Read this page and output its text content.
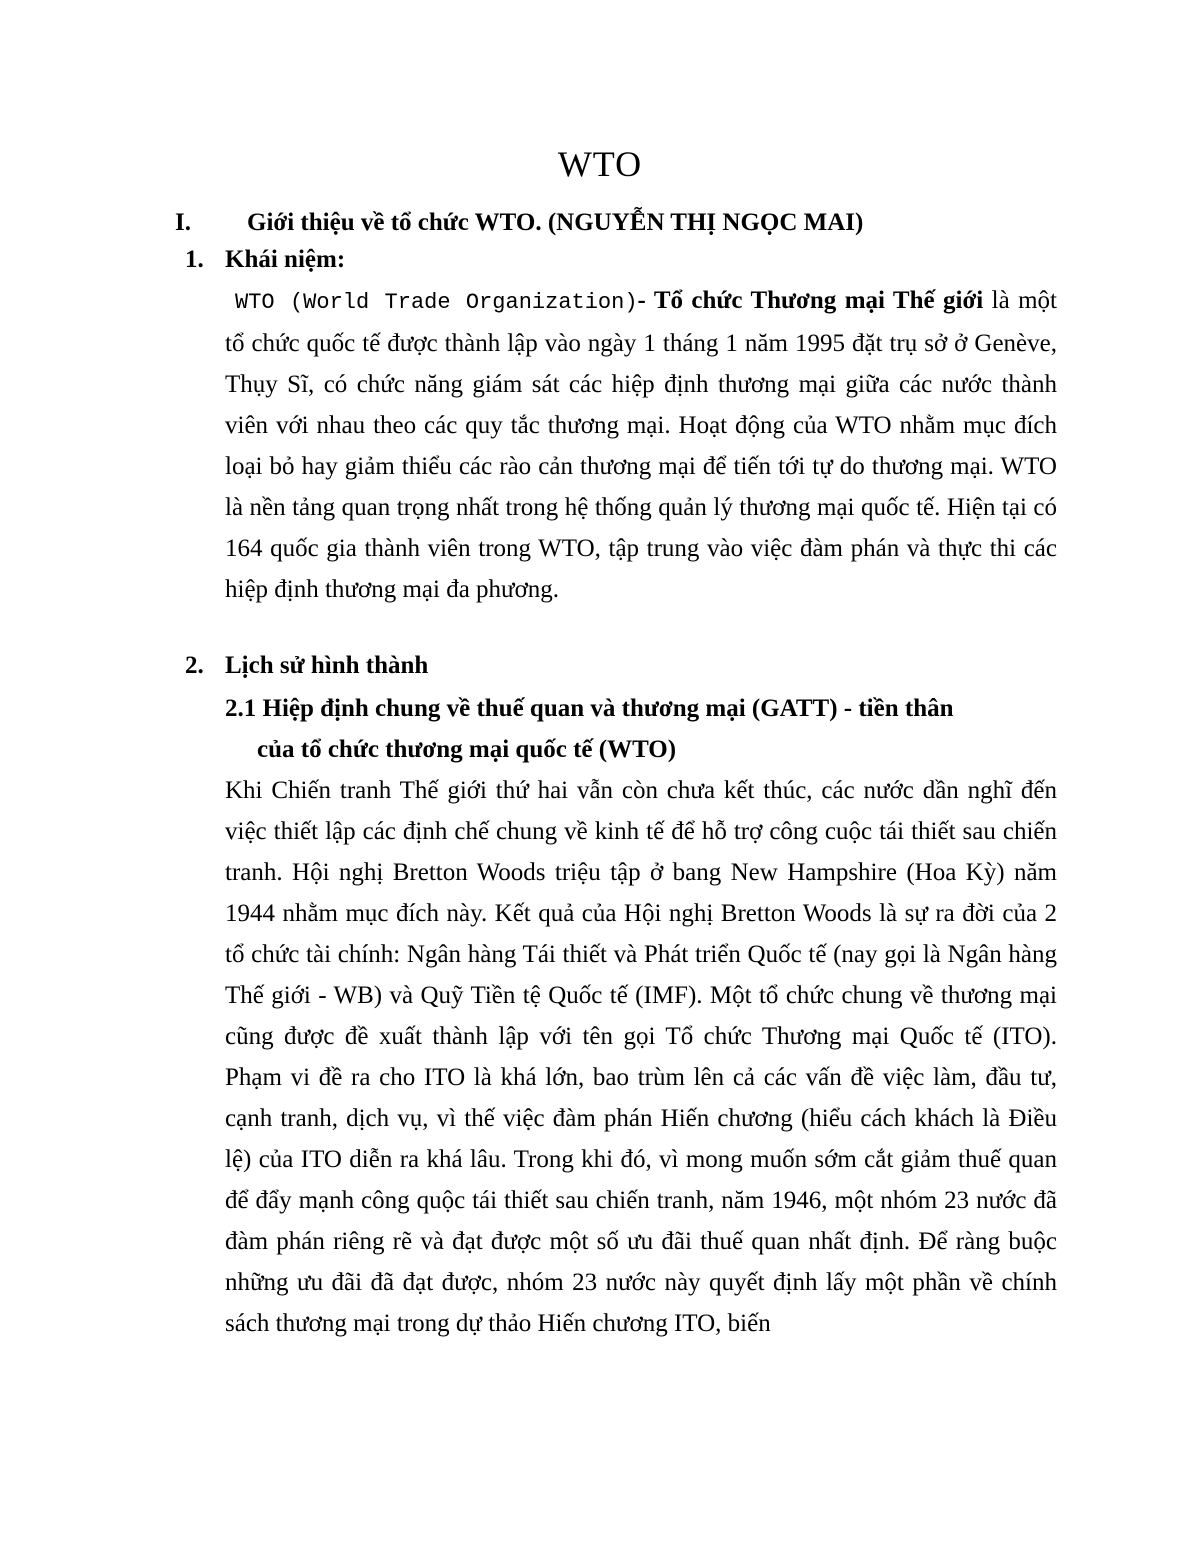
WTO
I. Giới thiệu về tổ chức WTO. (NGUYỄN THỊ NGỌC MAI)
1. Khái niệm:
WTO (World Trade Organization)- Tổ chức Thương mại Thế giới là một tổ chức quốc tế được thành lập vào ngày 1 tháng 1 năm 1995 đặt trụ sở ở Genève, Thụy Sĩ, có chức năng giám sát các hiệp định thương mại giữa các nước thành viên với nhau theo các quy tắc thương mại. Hoạt động của WTO nhằm mục đích loại bỏ hay giảm thiểu các rào cản thương mại để tiến tới tự do thương mại. WTO là nền tảng quan trọng nhất trong hệ thống quản lý thương mại quốc tế. Hiện tại có 164 quốc gia thành viên trong WTO, tập trung vào việc đàm phán và thực thi các hiệp định thương mại đa phương.
2. Lịch sử hình thành
2.1 Hiệp định chung về thuế quan và thương mại (GATT) - tiền thân
của tổ chức thương mại quốc tế (WTO)
Khi Chiến tranh Thế giới thứ hai vẫn còn chưa kết thúc, các nước dần nghĩ đến việc thiết lập các định chế chung về kinh tế để hỗ trợ công cuộc tái thiết sau chiến tranh. Hội nghị Bretton Woods triệu tập ở bang New Hampshire (Hoa Kỳ) năm 1944 nhằm mục đích này. Kết quả của Hội nghị Bretton Woods là sự ra đời của 2 tổ chức tài chính: Ngân hàng Tái thiết và Phát triển Quốc tế (nay gọi là Ngân hàng Thế giới - WB) và Quỹ Tiền tệ Quốc tế (IMF). Một tổ chức chung về thương mại cũng được đề xuất thành lập với tên gọi Tổ chức Thương mại Quốc tế (ITO). Phạm vi đề ra cho ITO là khá lớn, bao trùm lên cả các vấn đề việc làm, đầu tư, cạnh tranh, dịch vụ, vì thế việc đàm phán Hiến chương (hiểu cách khách là Điều lệ) của ITO diễn ra khá lâu. Trong khi đó, vì mong muốn sớm cắt giảm thuế quan để đẩy mạnh công quộc tái thiết sau chiến tranh, năm 1946, một nhóm 23 nước đã đàm phán riêng rẽ và đạt được một số ưu đãi thuế quan nhất định. Để ràng buộc những ưu đãi đã đạt được, nhóm 23 nước này quyết định lấy một phần về chính sách thương mại trong dự thảo Hiến chương ITO, biến
